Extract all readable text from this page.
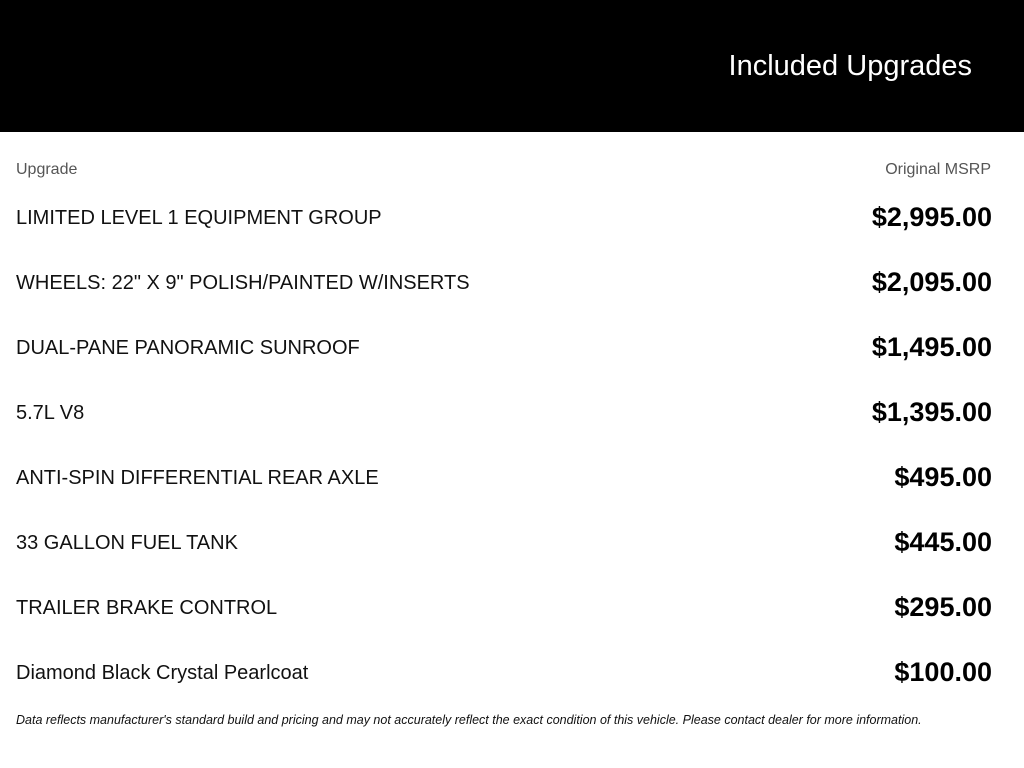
Included Upgrades
Upgrade	Original MSRP
LIMITED LEVEL 1 EQUIPMENT GROUP	$2,995.00
WHEELS: 22" X 9" POLISH/PAINTED W/INSERTS	$2,095.00
DUAL-PANE PANORAMIC SUNROOF	$1,495.00
5.7L V8	$1,395.00
ANTI-SPIN DIFFERENTIAL REAR AXLE	$495.00
33 GALLON FUEL TANK	$445.00
TRAILER BRAKE CONTROL	$295.00
Diamond Black Crystal Pearlcoat	$100.00
Data reflects manufacturer's standard build and pricing and may not accurately reflect the exact condition of this vehicle. Please contact dealer for more information.
